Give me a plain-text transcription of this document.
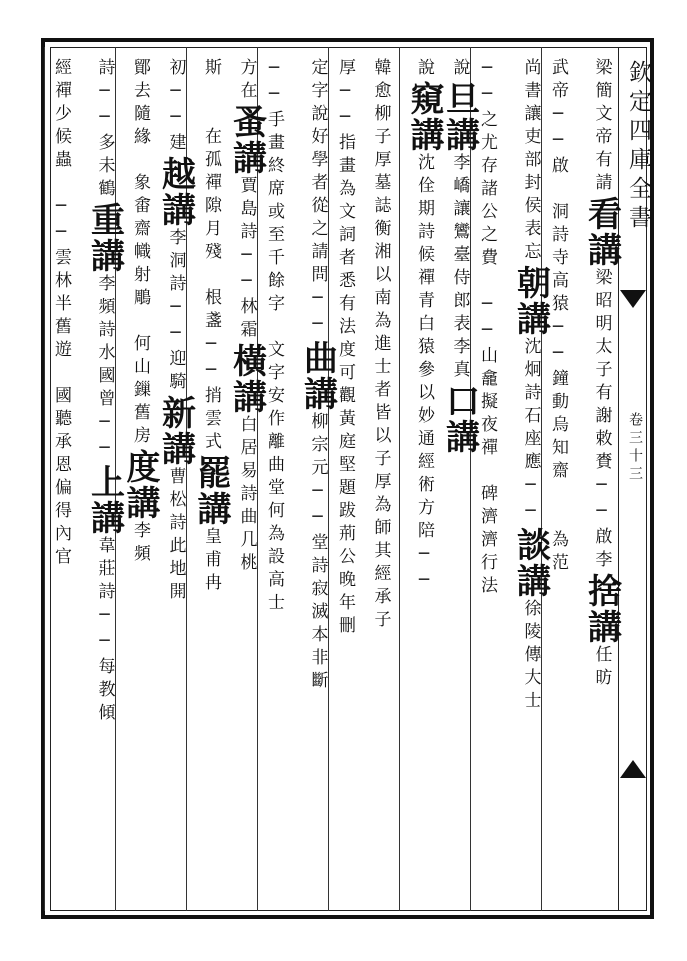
欽定四庫全書
卷三十三
梁簡文帝有請看講梁昭明太子有謝敕賚──啟李捨講任昉
武帝──啟　洞詩寺高猿──鐘動烏知齋　　為范
尚書讓吏部封侯表忘朝講沈炯詩石座應──談講徐陵傳大士
──之尤存諸公之費　──山龕擬夜禪　碑濟濟行法
說旦講李嶠讓鸞臺侍郎表李真口講
說窺講沈佺期詩候禪青白猿參以妙通經術方陪──
韓愈柳子厚墓誌衡湘以南為進士者皆以子厚為師其經承子
厚──指畫為文詞者悉有法度可觀黃庭堅題跋荊公晚年刪
定字說好學者從之請問──曲講柳宗元──堂詩寂滅本非斷
──手畫終席或至千餘字　文字安作離曲堂何為設高士
方在蚤講賈島詩──林霜橫講白居易詩曲几桃
斯　　在孤禪隙月殘　根盞──捎雲式罷講皇甫冉
初──建越講李洞詩──迎騎新講曹松詩此地開
鄮去隨緣　象畬齋幟射鵰　何山鏁舊房度講李頻
詩──多未鶴重講李頻詩水國曾──上講韋莊詩──每教傾
經禪少候蟲　──雲林半舊遊　國聽承恩偏得內官
